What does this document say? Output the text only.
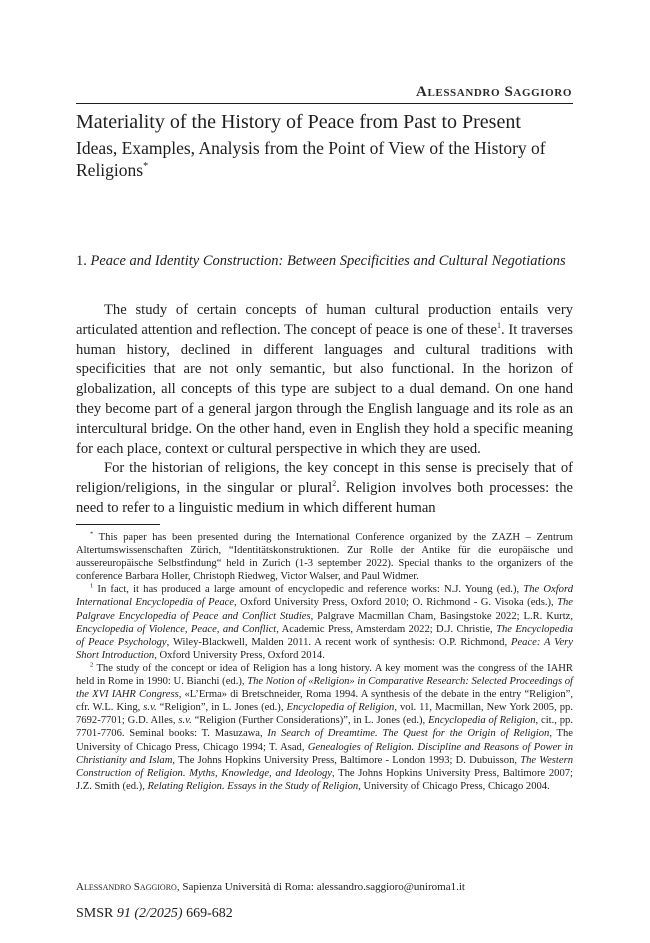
Alessandro Saggioro
Materiality of the History of Peace from Past to Present
Ideas, Examples, Analysis from the Point of View of the History of Religions*
1. Peace and Identity Construction: Between Specificities and Cultural Negotiations

The study of certain concepts of human cultural production entails very articulated attention and reflection. The concept of peace is one of these$^1$. It traverses human history, declined in different languages and cultural traditions with specificities that are not only semantic, but also functional. In the horizon of globalization, all concepts of this type are subject to a dual demand. On one hand they become part of a general jargon through the English language and its role as an intercultural bridge. On the other hand, even in English they hold a specific meaning for each place, context or cultural perspective in which they are used.

For the historian of religions, the key concept in this sense is precisely that of religion/religions, in the singular or plural$^2$. Religion involves both processes: the need to refer to a linguistic medium in which different human

* This paper has been presented during the International Conference organized by the ZAZH – Zentrum Altertumswissenschaften Zürich, “Identitätskonstruktionen. Zur Rolle der Antike für die europäische und aussereuropäische Selbstfindung“ held in Zurich (1-3 september 2022). Special thanks to the organizers of the conference Barbara Holler, Christoph Riedweg, Victor Walser, and Paul Widmer.

$^1$ In fact, it has produced a large amount of encyclopedic and reference works: N.J. Young (ed.), The Oxford International Encyclopedia of Peace, Oxford University Press, Oxford 2010; O. Richmond - G. Visoka (eds.), The Palgrave Encyclopedia of Peace and Conflict Studies, Palgrave Macmillan Cham, Basingstoke 2022; L.R. Kurtz, Encyclopedia of Violence, Peace, and Conflict, Academic Press, Amsterdam 2022; D.J. Christie, The Encyclopedia of Peace Psychology, Wiley-Blackwell, Malden 2011. A recent work of synthesis: O.P. Richmond, Peace: A Very Short Introduction, Oxford University Press, Oxford 2014.

$^2$ The study of the concept or idea of Religion has a long history. A key moment was the congress of the IAHR held in Rome in 1990: U. Bianchi (ed.), The Notion of «Religion» in Comparative Research: Selected Proceedings of the XVI IAHR Congress, «L’Erma» di Bretschneider, Roma 1994. A synthesis of the debate in the entry “Religion”, cfr. W.L. King, s.v. “Religion”, in L. Jones (ed.), Encyclopedia of Religion, vol. 11, Macmillan, New York 2005, pp. 7692-7701; G.D. Alles, s.v. “Religion (Further Considerations)”, in L. Jones (ed.), Encyclopedia of Religion, cit., pp. 7701-7706. Seminal books: T. Masuzawa, In Search of Dreamtime. The Quest for the Origin of Religion, The University of Chicago Press, Chicago 1994; T. Asad, Genealogies of Religion. Discipline and Reasons of Power in Christianity and Islam, The Johns Hopkins University Press, Baltimore - London 1993; D. Dubuisson, The Western Construction of Religion. Myths, Knowledge, and Ideology, The Johns Hopkins University Press, Baltimore 2007; J.Z. Smith (ed.), Relating Religion. Essays in the Study of Religion, University of Chicago Press, Chicago 2004.

Alessandro Saggioro, Sapienza Università di Roma: alessandro.saggioro@uniroma1.it
SMSR 91 (2/2025) 669-682
